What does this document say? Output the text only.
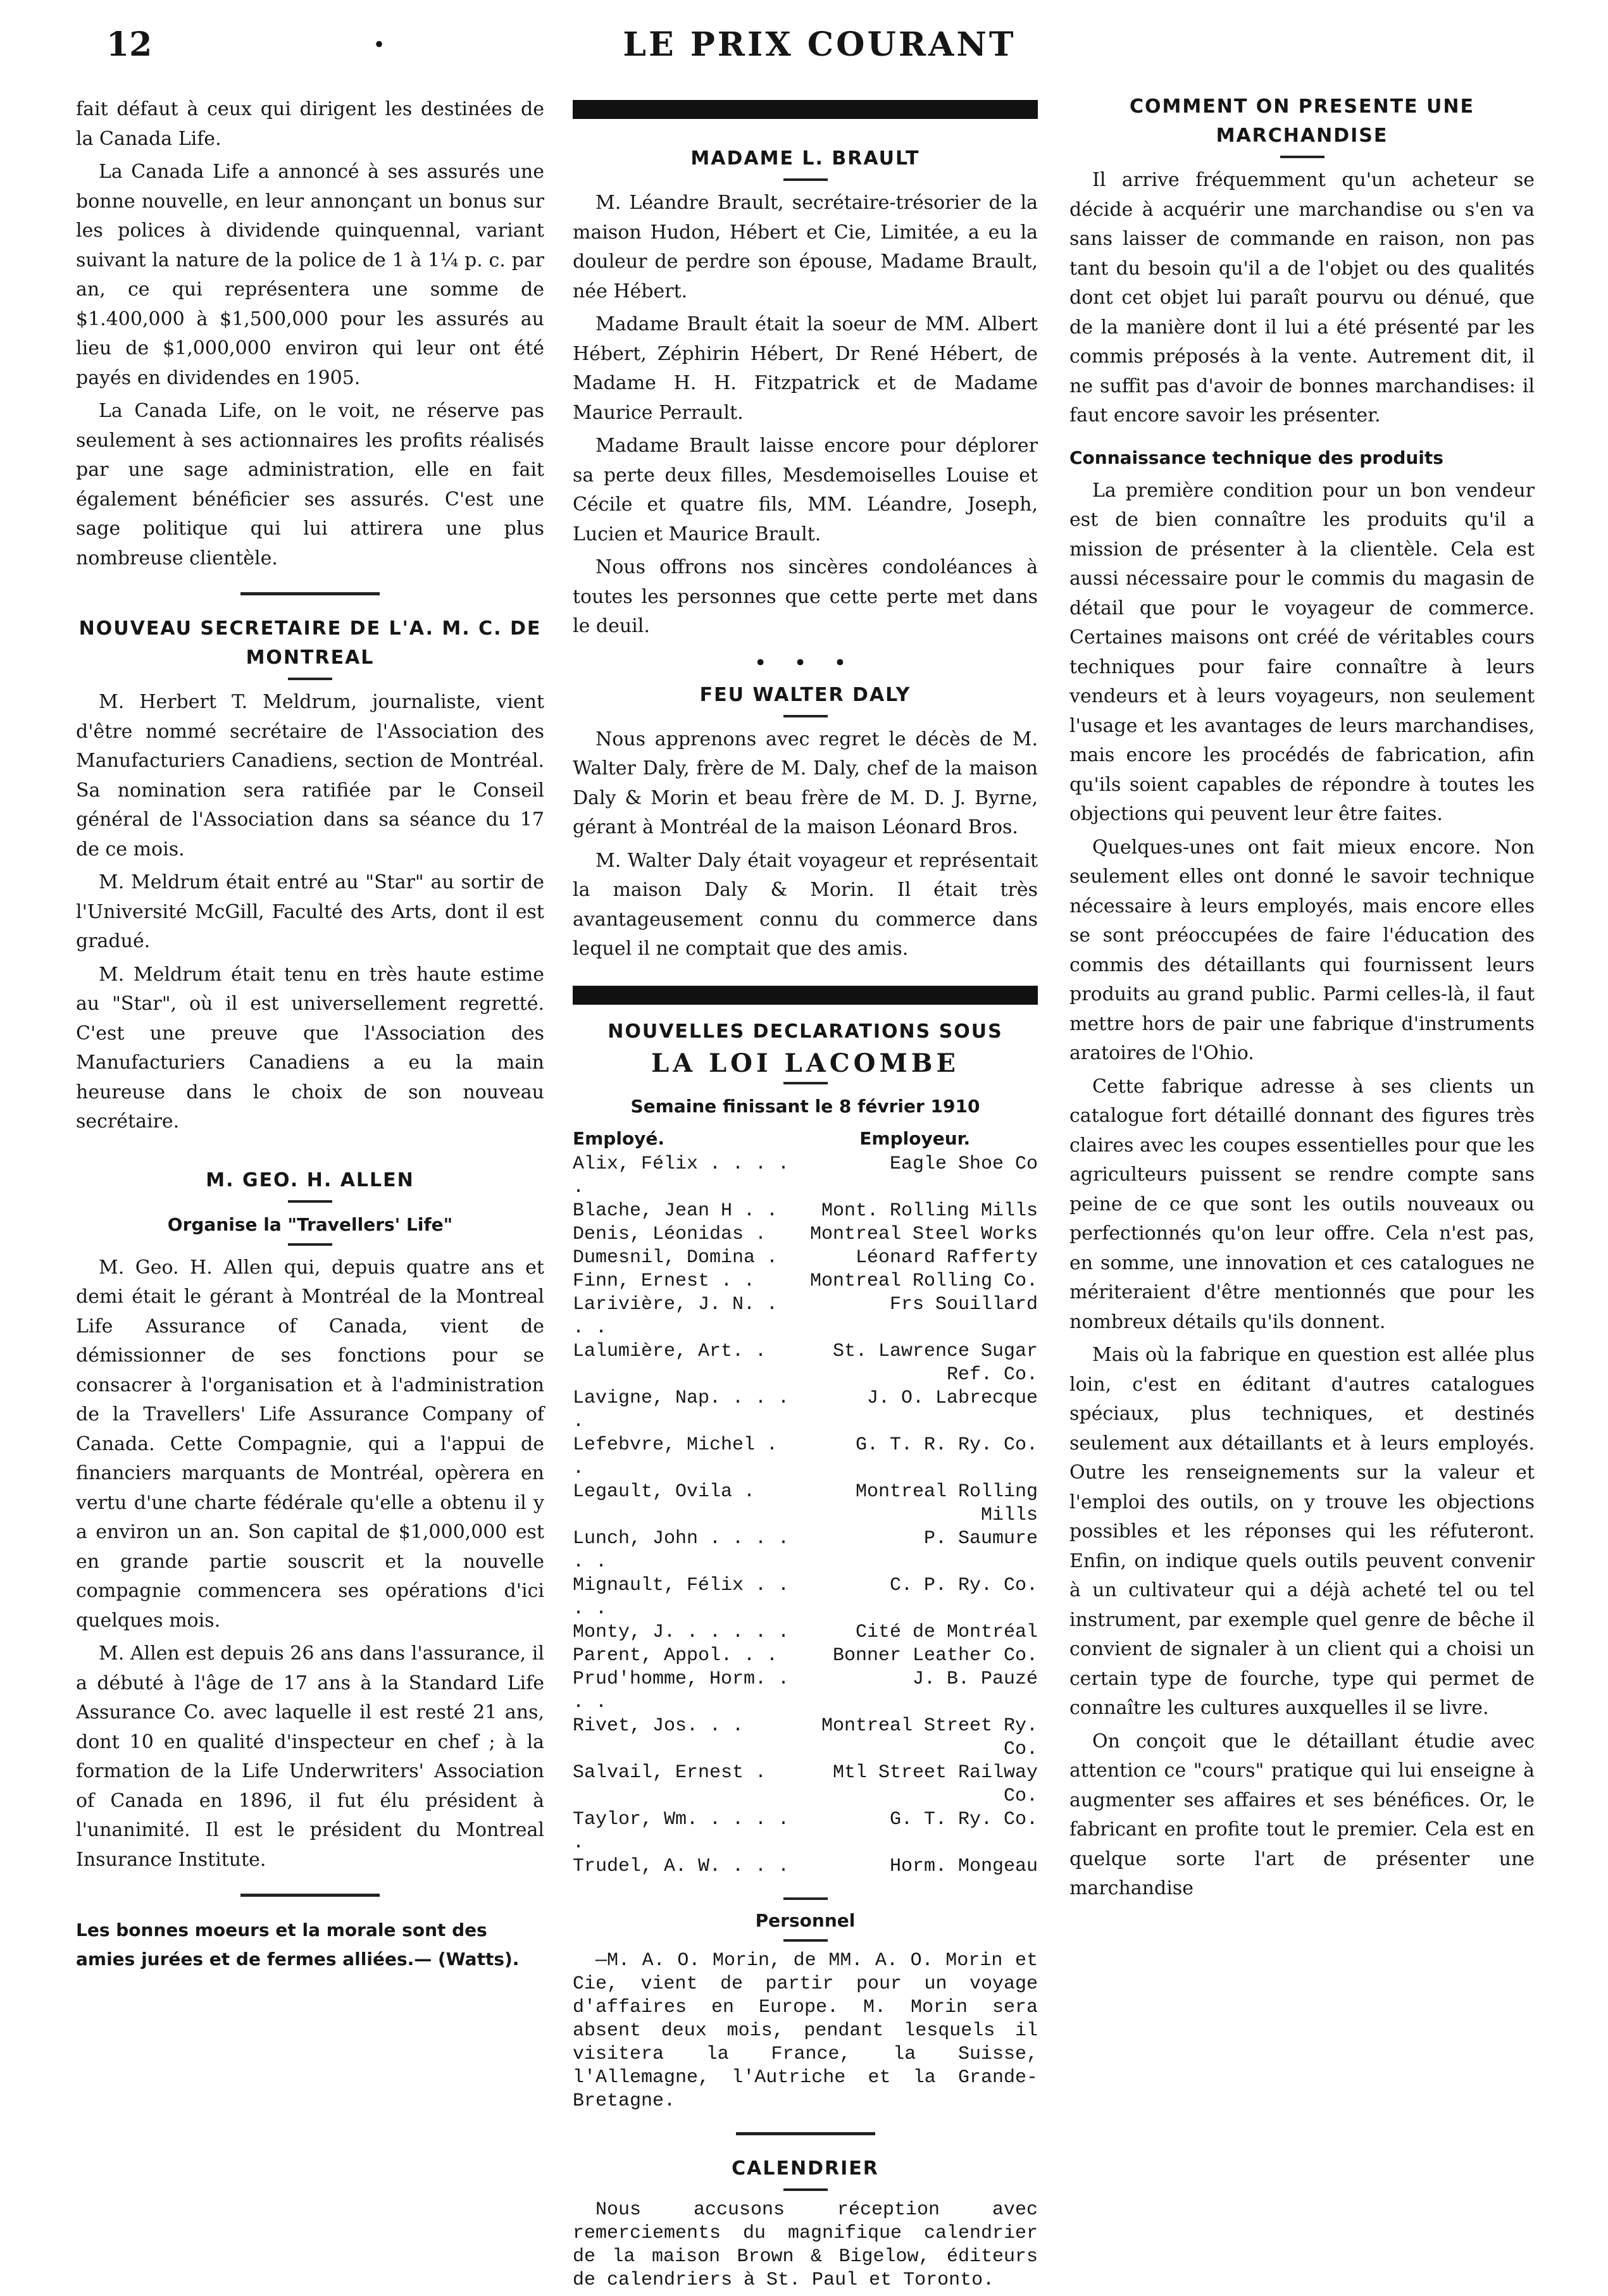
12	·	LE PRIX COURANT

fait défaut à ceux qui dirigent les destinées de la Canada Life.

La Canada Life a annoncé à ses assurés une bonne nouvelle, en leur annonçant un bonus sur les polices à dividende quinquennal, variant suivant la nature de la police de 1 à 1¼ p. c. par an, ce qui représentera une somme de $1.400,000 à $1,500,000 pour les assurés au lieu de $1,000,000 environ qui leur ont été payés en dividendes en 1905.

La Canada Life, on le voit, ne réserve pas seulement à ses actionnaires les profits réalisés par une sage administration, elle en fait également bénéficier ses assurés. C'est une sage politique qui lui attirera une plus nombreuse clientèle.

NOUVEAU SECRETAIRE DE L'A. M. C. DE MONTREAL

M. Herbert T. Meldrum, journaliste, vient d'être nommé secrétaire de l'Association des Manufacturiers Canadiens, section de Montréal. Sa nomination sera ratifiée par le Conseil général de l'Association dans sa séance du 17 de ce mois.

M. Meldrum était entré au "Star" au sortir de l'Université McGill, Faculté des Arts, dont il est gradué.

M. Meldrum était tenu en très haute estime au "Star", où il est universellement regretté. C'est une preuve que l'Association des Manufacturiers Canadiens a eu la main heureuse dans le choix de son nouveau secrétaire.

M. GEO. H. ALLEN
Organise la "Travellers' Life"

M. Geo. H. Allen qui, depuis quatre ans et demi était le gérant à Montréal de la Montreal Life Assurance of Canada, vient de démissionner de ses fonctions pour se consacrer à l'organisation et à l'administration de la Travellers' Life Assurance Company of Canada. Cette Compagnie, qui a l'appui de financiers marquants de Montréal, opèrera en vertu d'une charte fédérale qu'elle a obtenu il y a environ un an. Son capital de $1,000,000 est en grande partie souscrit et la nouvelle compagnie commencera ses opérations d'ici quelques mois.

M. Allen est depuis 26 ans dans l'assurance, il a débuté à l'âge de 17 ans à la Standard Life Assurance Co. avec laquelle il est resté 21 ans, dont 10 en qualité d'inspecteur en chef ; à la formation de la Life Underwriters' Association of Canada en 1896, il fut élu président à l'unanimité. Il est le président du Montreal Insurance Institute.

Les bonnes moeurs et la morale sont des amies jurées et de fermes alliées.— (Watts).
MADAME L. BRAULT

M. Léandre Brault, secrétaire-trésorier de la maison Hudon, Hébert et Cie, Limitée, a eu la douleur de perdre son épouse, Madame Brault, née Hébert.

Madame Brault était la soeur de MM. Albert Hébert, Zéphirin Hébert, Dr René Hébert, de Madame H. H. Fitzpatrick et de Madame Maurice Perrault.

Madame Brault laisse encore pour déplorer sa perte deux filles, Mesdemoiselles Louise et Cécile et quatre fils, MM. Léandre, Joseph, Lucien et Maurice Brault.

Nous offrons nos sincères condoléances à toutes les personnes que cette perte met dans le deuil.

• • •
FEU WALTER DALY

Nous apprenons avec regret le décès de M. Walter Daly, frère de M. Daly, chef de la maison Daly & Morin et beau frère de M. D. J. Byrne, gérant à Montréal de la maison Léonard Bros.

M. Walter Daly était voyageur et représentait la maison Daly & Morin. Il était très avantageusement connu du commerce dans lequel il ne comptait que des amis.

NOUVELLES DECLARATIONS SOUS
LA LOI LACOMBE
Semaine finissant le 8 février 1910
Employé.	Employeur.
Alix, Félix . . . . .	Eagle Shoe Co
Blache, Jean H . .	Mont. Rolling Mills
Denis, Léonidas .	Montreal Steel Works
Dumesnil, Domina .	Léonard Rafferty
Finn, Ernest . .	Montreal Rolling Co.
Larivière, J. N. . . .	Frs Souillard
Lalumière, Art. .	St. Lawrence Sugar Ref. Co.
Lavigne, Nap. . . . .	J. O. Labrecque
Lefebvre, Michel . .	G. T. R. Ry. Co.
Legault, Ovila .	Montreal Rolling Mills
Lunch, John . . . . . .	P. Saumure
Mignault, Félix . . . .	C. P. Ry. Co.
Monty, J. . . . . .	Cité de Montréal
Parent, Appol. . .	Bonner Leather Co.
Prud'homme, Horm. . . .	J. B. Pauzé
Rivet, Jos. . .	Montreal Street Ry. Co.
Salvail, Ernest .	Mtl Street Railway Co.
Taylor, Wm. . . . . .	G. T. Ry. Co.
Trudel, A. W. . . .	Horm. Mongeau
Personnel

—M. A. O. Morin, de MM. A. O. Morin et Cie, vient de partir pour un voyage d'affaires en Europe. M. Morin sera absent deux mois, pendant lesquels il visitera la France, la Suisse, l'Allemagne, l'Autriche et la Grande-Bretagne.

CALENDRIER

Nous accusons réception avec remerciements du magnifique calendrier de la maison Brown & Bigelow, éditeurs de calendriers à St. Paul et Toronto.

COMMENT ON PRESENTE UNE MARCHANDISE

Il arrive fréquemment qu'un acheteur se décide à acquérir une marchandise ou s'en va sans laisser de commande en raison, non pas tant du besoin qu'il a de l'objet ou des qualités dont cet objet lui paraît pourvu ou dénué, que de la manière dont il lui a été présenté par les commis préposés à la vente. Autrement dit, il ne suffit pas d'avoir de bonnes marchandises: il faut encore savoir les présenter.

Connaissance technique des produits

La première condition pour un bon vendeur est de bien connaître les produits qu'il a mission de présenter à la clientèle. Cela est aussi nécessaire pour le commis du magasin de détail que pour le voyageur de commerce. Certaines maisons ont créé de véritables cours techniques pour faire connaître à leurs vendeurs et à leurs voyageurs, non seulement l'usage et les avantages de leurs marchandises, mais encore les procédés de fabrication, afin qu'ils soient capables de répondre à toutes les objections qui peuvent leur être faites.

Quelques-unes ont fait mieux encore. Non seulement elles ont donné le savoir technique nécessaire à leurs employés, mais encore elles se sont préoccupées de faire l'éducation des commis des détaillants qui fournissent leurs produits au grand public. Parmi celles-là, il faut mettre hors de pair une fabrique d'instruments aratoires de l'Ohio.

Cette fabrique adresse à ses clients un catalogue fort détaillé donnant des figures très claires avec les coupes essentielles pour que les agriculteurs puissent se rendre compte sans peine de ce que sont les outils nouveaux ou perfectionnés qu'on leur offre. Cela n'est pas, en somme, une innovation et ces catalogues ne mériteraient d'être mentionnés que pour les nombreux détails qu'ils donnent.

Mais où la fabrique en question est allée plus loin, c'est en éditant d'autres catalogues spéciaux, plus techniques, et destinés seulement aux détaillants et à leurs employés. Outre les renseignements sur la valeur et l'emploi des outils, on y trouve les objections possibles et les réponses qui les réfuteront. Enfin, on indique quels outils peuvent convenir à un cultivateur qui a déjà acheté tel ou tel instrument, par exemple quel genre de bêche il convient de signaler à un client qui a choisi un certain type de fourche, type qui permet de connaître les cultures auxquelles il se livre.

On conçoit que le détaillant étudie avec attention ce "cours" pratique qui lui enseigne à augmenter ses affaires et ses bénéfices. Or, le fabricant en profite tout le premier. Cela est en quelque sorte l'art de présenter une marchandise
